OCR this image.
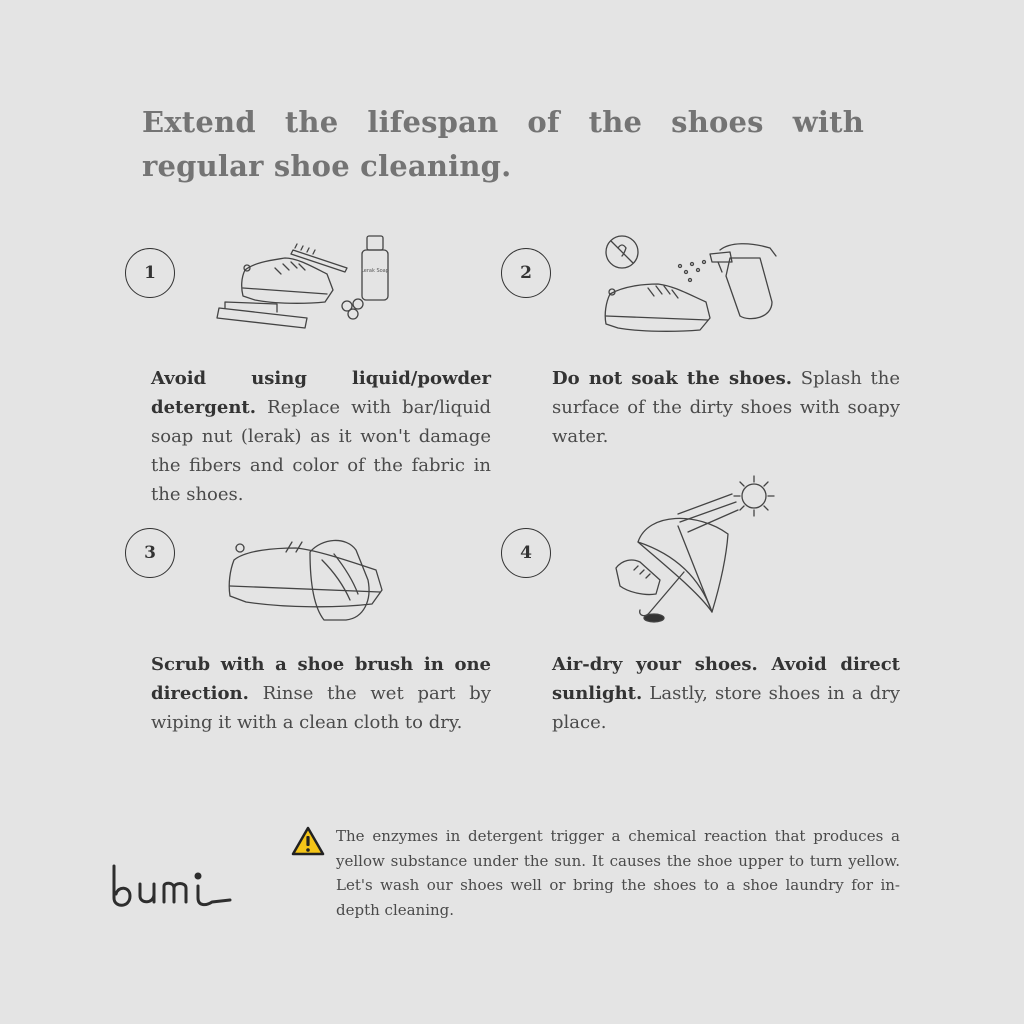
Extend the lifespan of the shoes with regular shoe cleaning.
1	Lerak Soap

Avoid using liquid/powder detergent. Replace with bar/liquid soap nut (lerak) as it won't damage the fibers and color of the fabric in the shoes.

2

Do not soak the shoes. Splash the surface of the dirty shoes with soapy water.

3

Scrub with a shoe brush in one direction. Rinse the wet part by wiping it with a clean cloth to dry.

4

Air-dry your shoes. Avoid direct sunlight. Lastly, store shoes in a dry place.

The enzymes in detergent trigger a chemical reaction that produces a yellow substance under the sun. It causes the shoe upper to turn yellow. Let's wash our shoes well or bring the shoes to a shoe laundry for in-depth cleaning.
